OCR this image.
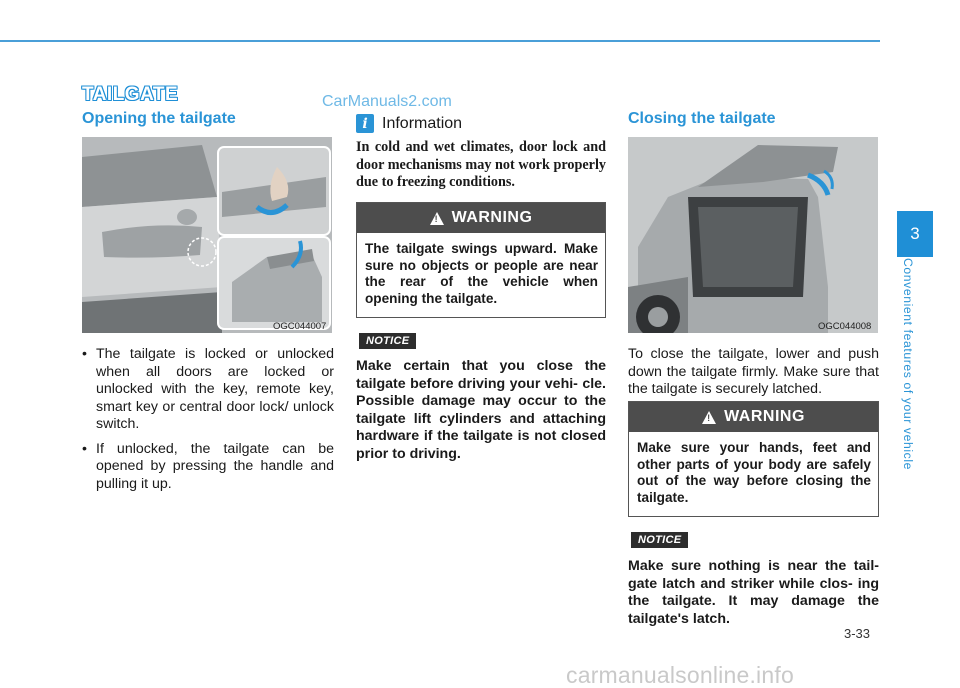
TAILGATE	CarManuals2.com
Opening the tailgate
OGC044007
• The tailgate is locked or unlocked when all doors are locked or unlocked with the key, remote key, smart key or central door lock/ unlock switch.
• If unlocked, the tailgate can be opened by pressing the handle and pulling it up.
i Information
In cold and wet climates, door lock and door mechanisms may not work properly due to freezing conditions.
! WARNING
The tailgate swings upward. Make sure no objects or people are near the rear of the vehicle when opening the tailgate.
NOTICE
Make certain that you close the tailgate before driving your vehi- cle. Possible damage may occur to the tailgate lift cylinders and attaching hardware if the tailgate is not closed prior to driving.
Closing the tailgate
OGC044008
To close the tailgate, lower and push down the tailgate firmly. Make sure that the tailgate is securely latched.
! WARNING
Make sure your hands, feet and other parts of your body are safely out of the way before closing the tailgate.
NOTICE
Make sure nothing is near the tail- gate latch and striker while clos- ing the tailgate. It may damage the tailgate's latch.
3
Convenient features of your vehicle
3-33
carmanualsonline.info
